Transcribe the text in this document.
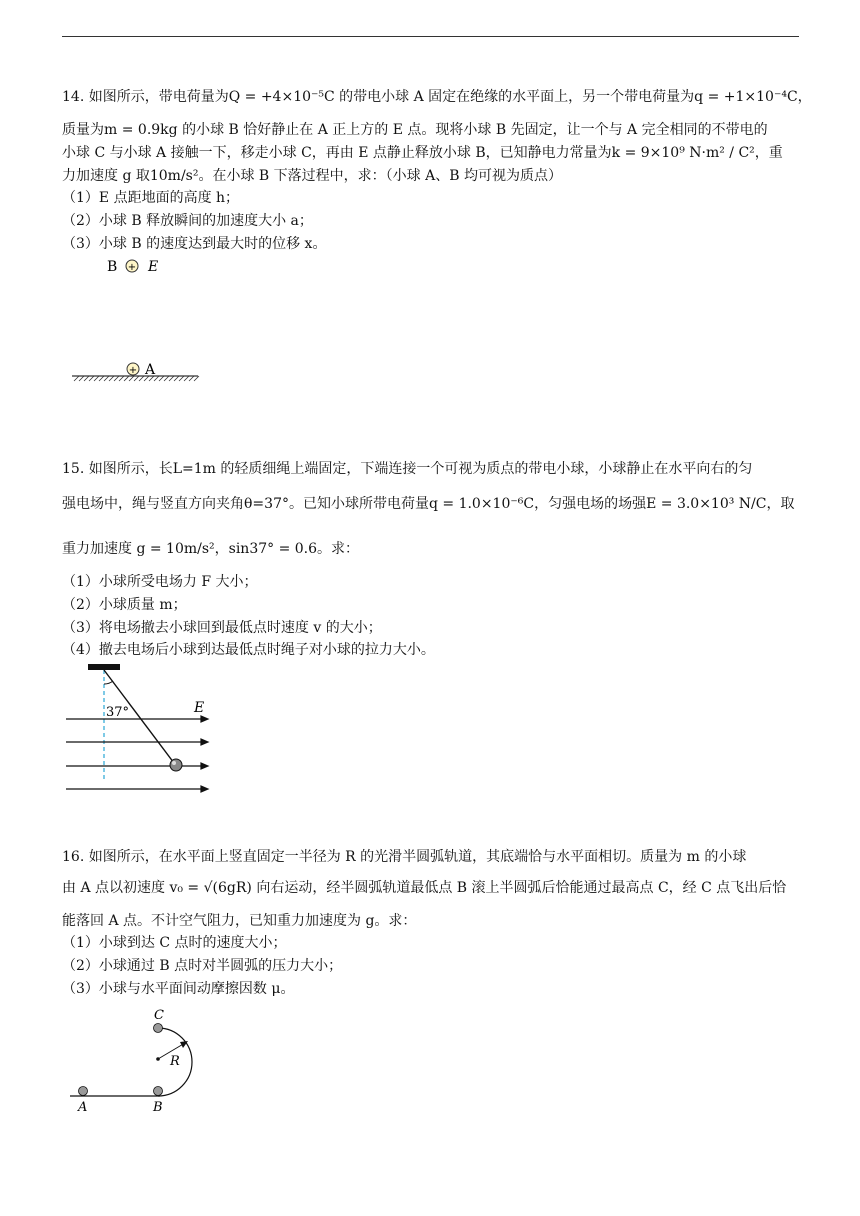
14. 如图所示，带电荷量为Q = +4×10⁻⁵C 的带电小球 A 固定在绝缘的水平面上，另一个带电荷量为q = +1×10⁻⁴C，
质量为m = 0.9kg 的小球 B 恰好静止在 A 正上方的 E 点。现将小球 B 先固定，让一个与 A 完全相同的不带电的
小球 C 与小球 A 接触一下，移走小球 C，再由 E 点静止释放小球 B，已知静电力常量为k = 9×10⁹ N·m² / C²，重
力加速度 g 取10m/s²。在小球 B 下落过程中，求：（小球 A、B 均可视为质点）
（1）E 点距地面的高度 h；
（2）小球 B 释放瞬间的加速度大小 a；
（3）小球 B 的速度达到最大时的位移 x。
B + E
+ A
15. 如图所示，长L=1m 的轻质细绳上端固定，下端连接一个可视为质点的带电小球，小球静止在水平向右的匀
强电场中，绳与竖直方向夹角θ=37°。已知小球所带电荷量q = 1.0×10⁻⁶C，匀强电场的场强E = 3.0×10³ N/C，取
重力加速度 g = 10m/s²，sin37° = 0.6。求：
（1）小球所受电场力 F 大小；
（2）小球质量 m；
（3）将电场撤去小球回到最低点时速度 v 的大小；
（4）撤去电场后小球到达最低点时绳子对小球的拉力大小。
37°	E
16. 如图所示，在水平面上竖直固定一半径为 R 的光滑半圆弧轨道，其底端恰与水平面相切。质量为 m 的小球
由 A 点以初速度 v₀ = √(6gR) 向右运动，经半圆弧轨道最低点 B 滚上半圆弧后恰能通过最高点 C，经 C 点飞出后恰
能落回 A 点。不计空气阻力，已知重力加速度为 g。求：
（1）小球到达 C 点时的速度大小；
（2）小球通过 B 点时对半圆弧的压力大小；
（3）小球与水平面间动摩擦因数 μ。
R
C
B
A
